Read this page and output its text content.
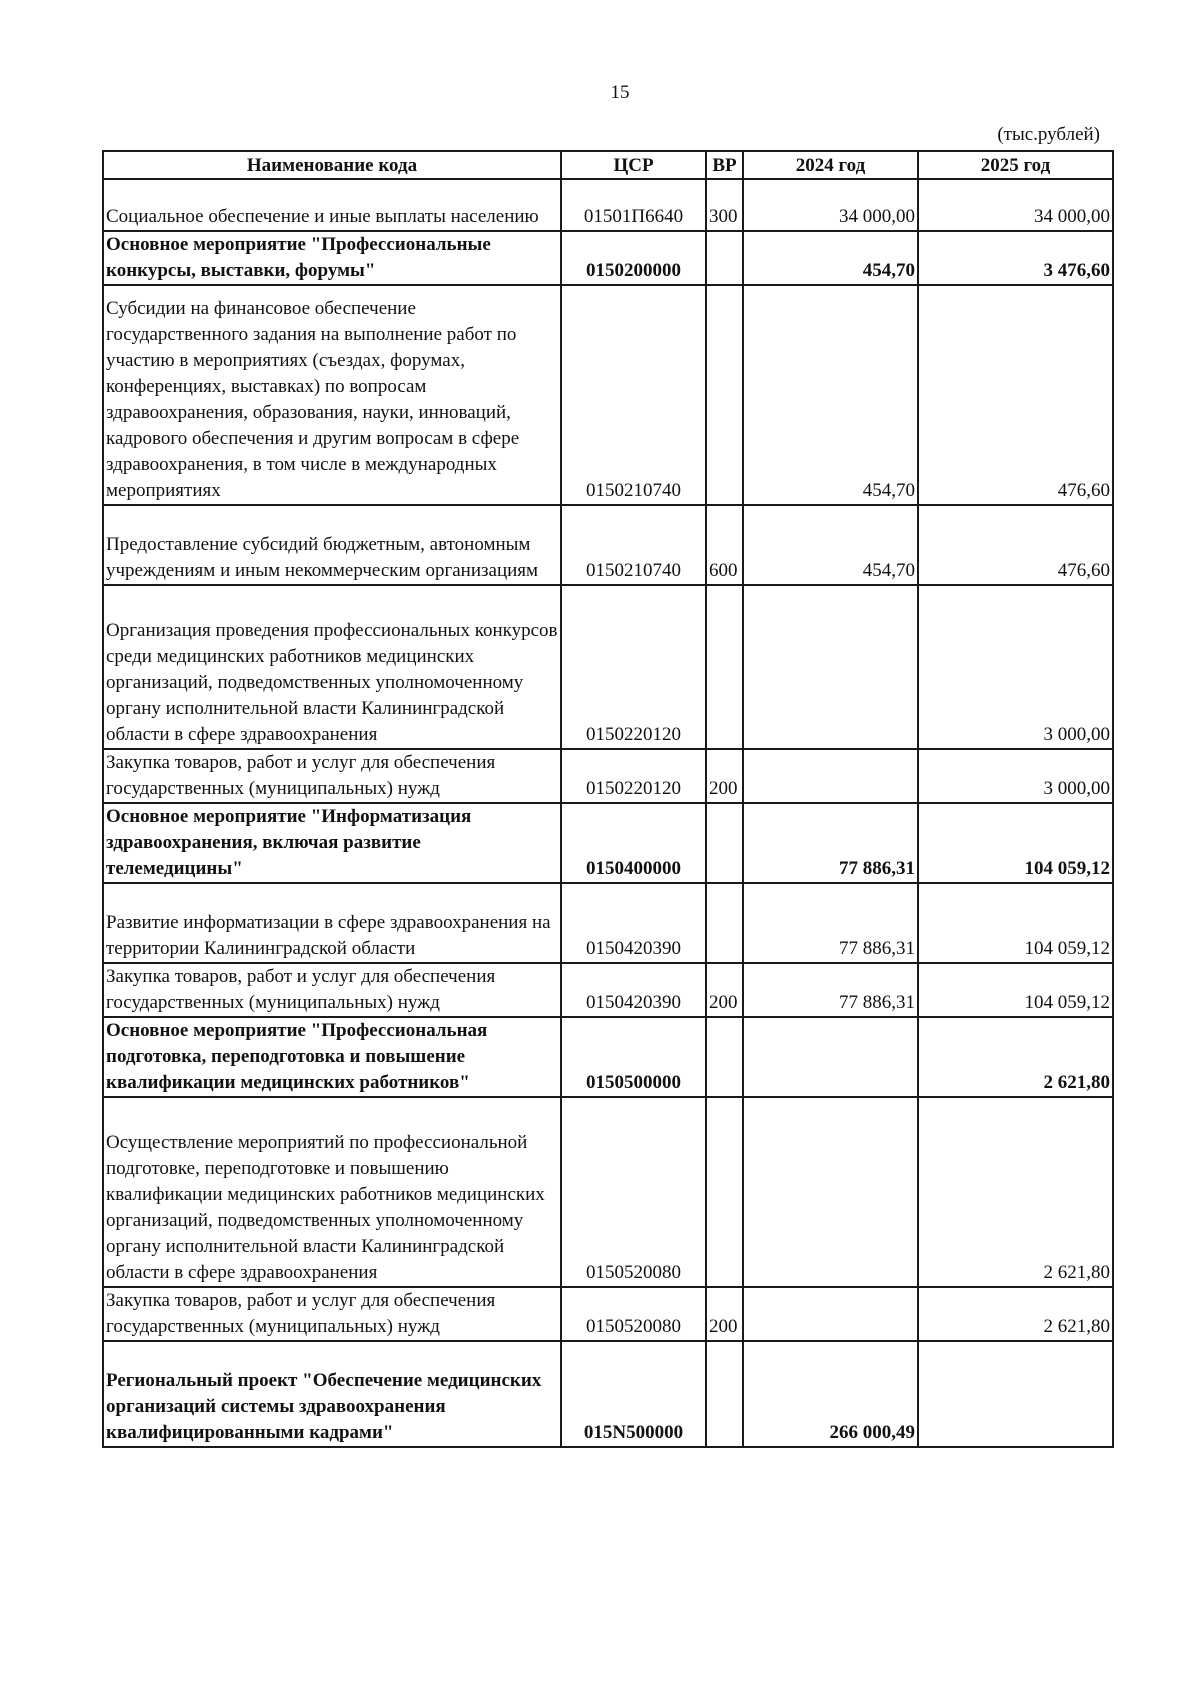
15
(тыс.рублей)
Наименование кода	ЦСР	ВР	2024 год	2025 год
Социальное обеспечение и иные выплаты населению	01501П6640	300	34 000,00	34 000,00
Основное мероприятие "Профессиональные конкурсы, выставки, форумы"	0150200000		454,70	3 476,60
Субсидии на финансовое обеспечение государственного задания на выполнение работ по участию в мероприятиях (съездах, форумах, конференциях, выставках) по вопросам здравоохранения, образования, науки, инноваций, кадрового обеспечения и другим вопросам в сфере здравоохранения, в том числе в международных мероприятиях	0150210740		454,70	476,60
Предоставление субсидий бюджетным, автономным учреждениям и иным некоммерческим организациям	0150210740	600	454,70	476,60
Организация проведения профессиональных конкурсов среди медицинских работников медицинских организаций, подведомственных уполномоченному органу исполнительной власти Калининградской области в сфере здравоохранения	0150220120			3 000,00
Закупка товаров, работ и услуг для обеспечения государственных (муниципальных) нужд	0150220120	200		3 000,00
Основное мероприятие "Информатизация здравоохранения, включая развитие телемедицины"	0150400000		77 886,31	104 059,12
Развитие информатизации в сфере здравоохранения на территории Калининградской области	0150420390		77 886,31	104 059,12
Закупка товаров, работ и услуг для обеспечения государственных (муниципальных) нужд	0150420390	200	77 886,31	104 059,12
Основное мероприятие "Профессиональная подготовка, переподготовка и повышение квалификации медицинских работников"	0150500000			2 621,80
Осуществление мероприятий по профессиональной подготовке, переподготовке и повышению квалификации медицинских работников медицинских организаций, подведомственных уполномоченному органу исполнительной власти Калининградской области в сфере здравоохранения	0150520080			2 621,80
Закупка товаров, работ и услуг для обеспечения государственных (муниципальных) нужд	0150520080	200		2 621,80
Региональный проект "Обеспечение медицинских организаций системы здравоохранения квалифицированными кадрами"	015N500000		266 000,49	
